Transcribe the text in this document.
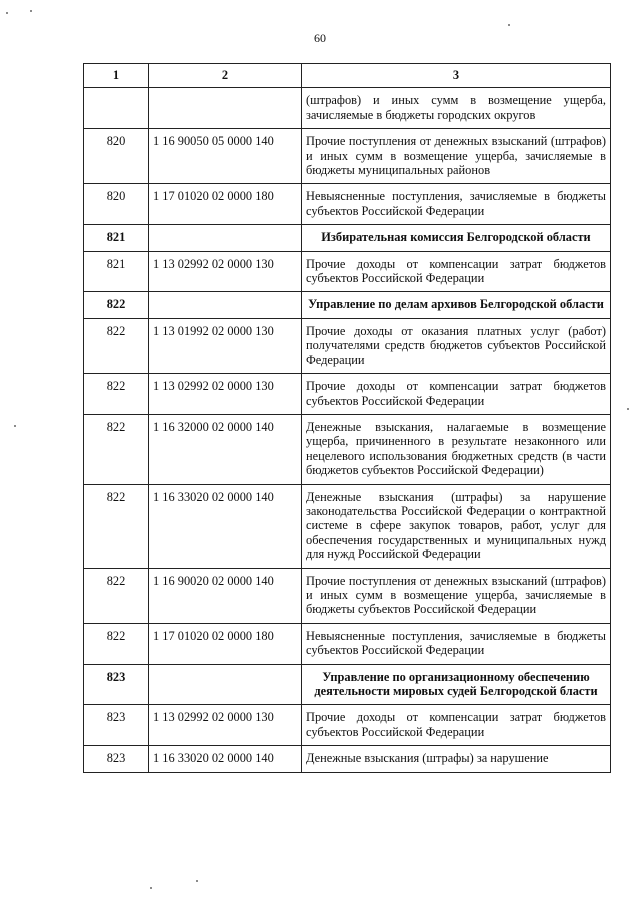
60
1	2	3
		(штрафов) и иных сумм в возмещение ущерба, зачисляемые в бюджеты городских округов
820	1 16 90050 05 0000 140	Прочие поступления от денежных взысканий (штрафов) и иных сумм в возмещение ущерба, зачисляемые в бюджеты муниципальных районов
820	1 17 01020 02 0000 180	Невыясненные поступления, зачисляемые в бюджеты субъектов Российской Федерации
821		Избирательная комиссия Белгородской области
821	1 13 02992 02 0000 130	Прочие доходы от компенсации затрат бюджетов субъектов Российской Федерации
822		Управление по делам архивов Белгородской области
822	1 13 01992 02 0000 130	Прочие доходы от оказания платных услуг (работ) получателями средств бюджетов субъектов Российской Федерации
822	1 13 02992 02 0000 130	Прочие доходы от компенсации затрат бюджетов субъектов Российской Федерации
822	1 16 32000 02 0000 140	Денежные взыскания, налагаемые в возмещение ущерба, причиненного в результате незаконного или нецелевого использования бюджетных средств (в части бюджетов субъектов Российской Федерации)
822	1 16 33020 02 0000 140	Денежные взыскания (штрафы) за нарушение законодательства Российской Федерации о контрактной системе в сфере закупок товаров, работ, услуг для обеспечения государственных и муниципальных нужд для нужд Российской Федерации
822	1 16 90020 02 0000 140	Прочие поступления от денежных взысканий (штрафов) и иных сумм в возмещение ущерба, зачисляемые в бюджеты субъектов Российской Федерации
822	1 17 01020 02 0000 180	Невыясненные поступления, зачисляемые в бюджеты субъектов Российской Федерации
823		Управление по организационному обеспечению деятельности мировых судей Белгородской бласти
823	1 13 02992 02 0000 130	Прочие доходы от компенсации затрат бюджетов субъектов Российской Федерации
823	1 16 33020 02 0000 140	Денежные взыскания (штрафы) за нарушение
